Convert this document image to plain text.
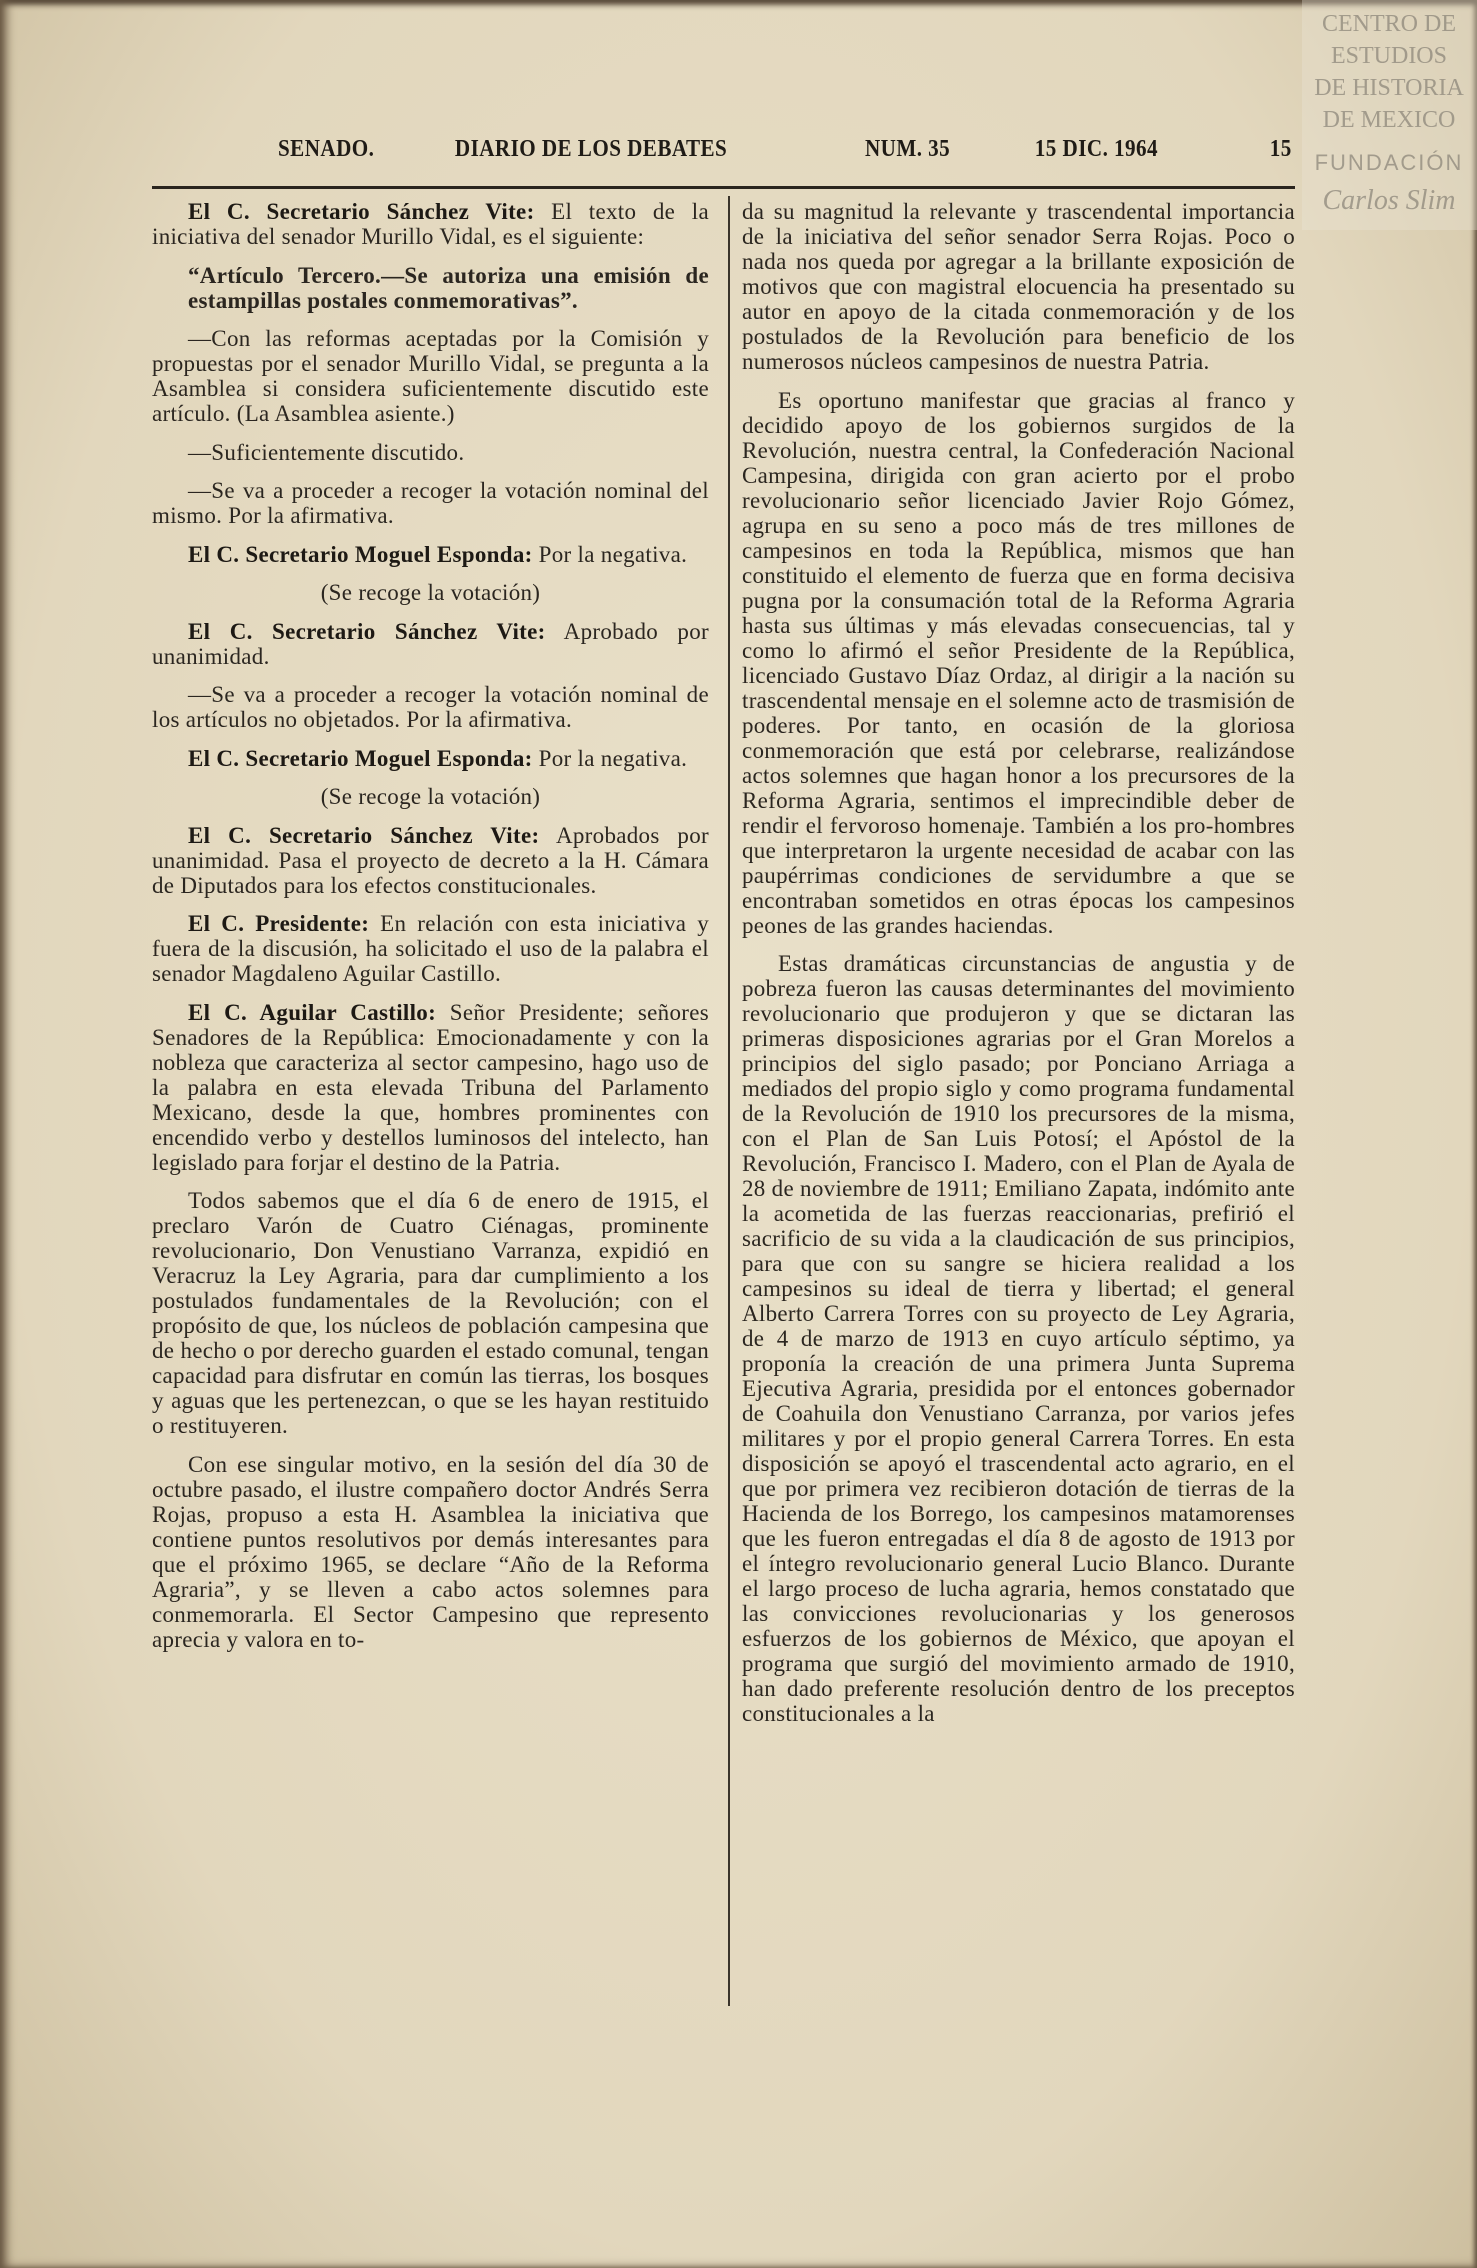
SENADO.	DIARIO DE LOS DEBATES	NUM. 35	15 DIC. 1964	15

El C. Secretario Sánchez Vite: El texto de la iniciativa del senador Murillo Vidal, es el siguiente:

“Artículo Tercero.—Se autoriza una emisión de estampillas postales conmemorativas”.

—Con las reformas aceptadas por la Comisión y propuestas por el senador Murillo Vidal, se pregunta a la Asamblea si considera suficientemente discutido este artículo. (La Asamblea asiente.)

—Suficientemente discutido.

—Se va a proceder a recoger la votación nominal del mismo. Por la afirmativa.

El C. Secretario Moguel Esponda: Por la negativa.

(Se recoge la votación)

El C. Secretario Sánchez Vite: Aprobado por unanimidad.

—Se va a proceder a recoger la votación nominal de los artículos no objetados. Por la afirmativa.

El C. Secretario Moguel Esponda: Por la negativa.

(Se recoge la votación)

El C. Secretario Sánchez Vite: Aprobados por unanimidad. Pasa el proyecto de decreto a la H. Cámara de Diputados para los efectos constitucionales.

El C. Presidente: En relación con esta iniciativa y fuera de la discusión, ha solicitado el uso de la palabra el senador Magdaleno Aguilar Castillo.

El C. Aguilar Castillo: Señor Presidente; señores Senadores de la República: Emocionadamente y con la nobleza que caracteriza al sector campesino, hago uso de la palabra en esta elevada Tribuna del Parlamento Mexicano, desde la que, hombres prominentes con encendido verbo y destellos luminosos del intelecto, han legislado para forjar el destino de la Patria.

Todos sabemos que el día 6 de enero de 1915, el preclaro Varón de Cuatro Ciénagas, prominente revolucionario, Don Venustiano Varranza, expidió en Veracruz la Ley Agraria, para dar cumplimiento a los postulados fundamentales de la Revolución; con el propósito de que, los núcleos de población campesina que de hecho o por derecho guarden el estado comunal, tengan capacidad para disfrutar en común las tierras, los bosques y aguas que les pertenezcan, o que se les hayan restituido o restituyeren.

Con ese singular motivo, en la sesión del día 30 de octubre pasado, el ilustre compañero doctor Andrés Serra Rojas, propuso a esta H. Asamblea la iniciativa que contiene puntos resolutivos por demás interesantes para que el próximo 1965, se declare “Año de la Reforma Agraria”, y se lleven a cabo actos solemnes para conmemorarla. El Sector Campesino que represento aprecia y valora en to-

da su magnitud la relevante y trascendental importancia de la iniciativa del señor senador Serra Rojas. Poco o nada nos queda por agregar a la brillante exposición de motivos que con magistral elocuencia ha presentado su autor en apoyo de la citada conmemoración y de los postulados de la Revolución para beneficio de los numerosos núcleos campesinos de nuestra Patria.

Es oportuno manifestar que gracias al franco y decidido apoyo de los gobiernos surgidos de la Revolución, nuestra central, la Confederación Nacional Campesina, dirigida con gran acierto por el probo revolucionario señor licenciado Javier Rojo Gómez, agrupa en su seno a poco más de tres millones de campesinos en toda la República, mismos que han constituido el elemento de fuerza que en forma decisiva pugna por la consumación total de la Reforma Agraria hasta sus últimas y más elevadas consecuencias, tal y como lo afirmó el señor Presidente de la República, licenciado Gustavo Díaz Ordaz, al dirigir a la nación su trascendental mensaje en el solemne acto de trasmisión de poderes. Por tanto, en ocasión de la gloriosa conmemoración que está por celebrarse, realizándose actos solemnes que hagan honor a los precursores de la Reforma Agraria, sentimos el imprecindible deber de rendir el fervoroso homenaje. También a los pro-hombres que interpretaron la urgente necesidad de acabar con las paupérrimas condiciones de servidumbre a que se encontraban sometidos en otras épocas los campesinos peones de las grandes haciendas.

Estas dramáticas circunstancias de angustia y de pobreza fueron las causas determinantes del movimiento revolucionario que produjeron y que se dictaran las primeras disposiciones agrarias por el Gran Morelos a principios del siglo pasado; por Ponciano Arriaga a mediados del propio siglo y como programa fundamental de la Revolución de 1910 los precursores de la misma, con el Plan de San Luis Potosí; el Apóstol de la Revolución, Francisco I. Madero, con el Plan de Ayala de 28 de noviembre de 1911; Emiliano Zapata, indómito ante la acometida de las fuerzas reaccionarias, prefirió el sacrificio de su vida a la claudicación de sus principios, para que con su sangre se hiciera realidad a los campesinos su ideal de tierra y libertad; el general Alberto Carrera Torres con su proyecto de Ley Agraria, de 4 de marzo de 1913 en cuyo artículo séptimo, ya proponía la creación de una primera Junta Suprema Ejecutiva Agraria, presidida por el entonces gobernador de Coahuila don Venustiano Carranza, por varios jefes militares y por el propio general Carrera Torres. En esta disposición se apoyó el trascendental acto agrario, en el que por primera vez recibieron dotación de tierras de la Hacienda de los Borrego, los campesinos matamorenses que les fueron entregadas el día 8 de agosto de 1913 por el íntegro revolucionario general Lucio Blanco. Durante el largo proceso de lucha agraria, hemos constatado que las convicciones revolucionarias y los generosos esfuerzos de los gobiernos de México, que apoyan el programa que surgió del movimiento armado de 1910, han dado preferente resolución dentro de los preceptos constitucionales a la

CENTRO DE
ESTUDIOS
DE HISTORIA
DE MEXICO
FUNDACIÓN
Carlos Slim
